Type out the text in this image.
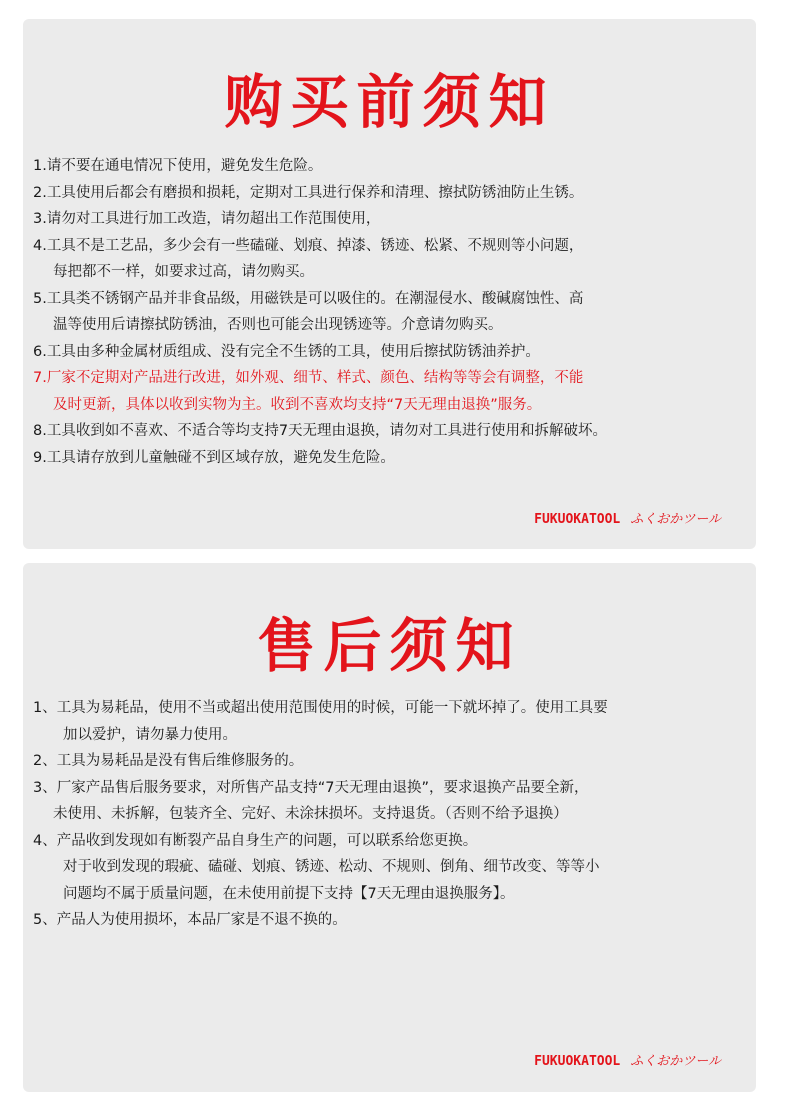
购买前须知
1.请不要在通电情况下使用，避免发生危险。
2.工具使用后都会有磨损和损耗，定期对工具进行保养和清理、擦拭防锈油防止生锈。
3.请勿对工具进行加工改造，请勿超出工作范围使用，
4.工具不是工艺品，多少会有一些磕碰、划痕、掉漆、锈迹、松紧、不规则等小问题，
每把都不一样，如要求过高，请勿购买。
5.工具类不锈钢产品并非食品级，用磁铁是可以吸住的。在潮湿侵水、酸碱腐蚀性、高
温等使用后请擦拭防锈油，否则也可能会出现锈迹等。介意请勿购买。
6.工具由多种金属材质组成、没有完全不生锈的工具，使用后擦拭防锈油养护。
7.厂家不定期对产品进行改进，如外观、细节、样式、颜色、结构等等会有调整，不能
及时更新，具体以收到实物为主。收到不喜欢均支持“7天无理由退换”服务。
8.工具收到如不喜欢、不适合等均支持7天无理由退换，请勿对工具进行使用和拆解破坏。
9.工具请存放到儿童触碰不到区域存放，避免发生危险。
FUKUOKATOOL ふくおかツール
售后须知
1、工具为易耗品，使用不当或超出使用范围使用的时候，可能一下就坏掉了。使用工具要
加以爱护，请勿暴力使用。
2、工具为易耗品是没有售后维修服务的。
3、厂家产品售后服务要求，对所售产品支持“7天无理由退换”，要求退换产品要全新，
未使用、未拆解，包装齐全、完好、未涂抹损坏。支持退货。（否则不给予退换）
4、产品收到发现如有断裂产品自身生产的问题，可以联系给您更换。
对于收到发现的瑕疵、磕碰、划痕、锈迹、松动、不规则、倒角、细节改变、等等小
问题均不属于质量问题，在未使用前提下支持【7天无理由退换服务】。
5、产品人为使用损坏，本品厂家是不退不换的。
FUKUOKATOOL ふくおかツール
